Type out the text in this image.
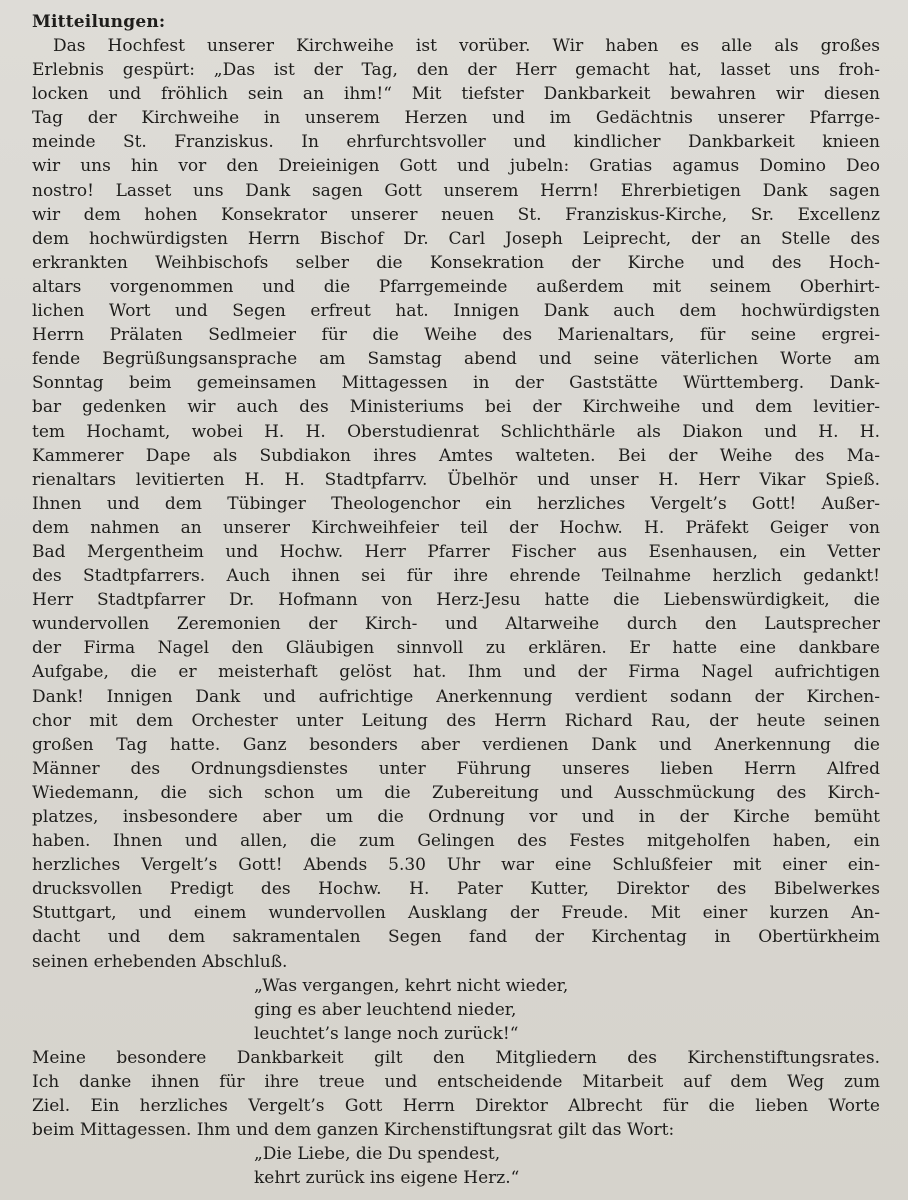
Mitteilungen:
Das Hochfest unserer Kirchweihe ist vorüber. Wir haben es alle als großes
Erlebnis gespürt: „Das ist der Tag, den der Herr gemacht hat, lasset uns froh-
locken und fröhlich sein an ihm!“ Mit tiefster Dankbarkeit bewahren wir diesen
Tag der Kirchweihe in unserem Herzen und im Gedächtnis unserer Pfarrge-
meinde St. Franziskus. In ehrfurchtsvoller und kindlicher Dankbarkeit knieen
wir uns hin vor den Dreieinigen Gott und jubeln: Gratias agamus Domino Deo
nostro! Lasset uns Dank sagen Gott unserem Herrn! Ehrerbietigen Dank sagen
wir dem hohen Konsekrator unserer neuen St. Franziskus-Kirche, Sr. Excellenz
dem hochwürdigsten Herrn Bischof Dr. Carl Joseph Leiprecht, der an Stelle des
erkrankten Weihbischofs selber die Konsekration der Kirche und des Hoch-
altars vorgenommen und die Pfarrgemeinde außerdem mit seinem Oberhirt-
lichen Wort und Segen erfreut hat. Innigen Dank auch dem hochwürdigsten
Herrn Prälaten Sedlmeier für die Weihe des Marienaltars, für seine ergrei-
fende Begrüßungsansprache am Samstag abend und seine väterlichen Worte am
Sonntag beim gemeinsamen Mittagessen in der Gaststätte Württemberg. Dank-
bar gedenken wir auch des Ministeriums bei der Kirchweihe und dem levitier-
tem Hochamt, wobei H. H. Oberstudienrat Schlichthärle als Diakon und H. H.
Kammerer Dape als Subdiakon ihres Amtes walteten. Bei der Weihe des Ma-
rienaltars levitierten H. H. Stadtpfarrv. Übelhör und unser H. Herr Vikar Spieß.
Ihnen und dem Tübinger Theologenchor ein herzliches Vergelt’s Gott! Außer-
dem nahmen an unserer Kirchweihfeier teil der Hochw. H. Präfekt Geiger von
Bad Mergentheim und Hochw. Herr Pfarrer Fischer aus Esenhausen, ein Vetter
des Stadtpfarrers. Auch ihnen sei für ihre ehrende Teilnahme herzlich gedankt!
Herr Stadtpfarrer Dr. Hofmann von Herz-Jesu hatte die Liebenswürdigkeit, die
wundervollen Zeremonien der Kirch- und Altarweihe durch den Lautsprecher
der Firma Nagel den Gläubigen sinnvoll zu erklären. Er hatte eine dankbare
Aufgabe, die er meisterhaft gelöst hat. Ihm und der Firma Nagel aufrichtigen
Dank! Innigen Dank und aufrichtige Anerkennung verdient sodann der Kirchen-
chor mit dem Orchester unter Leitung des Herrn Richard Rau, der heute seinen
großen Tag hatte. Ganz besonders aber verdienen Dank und Anerkennung die
Männer des Ordnungsdienstes unter Führung unseres lieben Herrn Alfred
Wiedemann, die sich schon um die Zubereitung und Ausschmückung des Kirch-
platzes, insbesondere aber um die Ordnung vor und in der Kirche bemüht
haben. Ihnen und allen, die zum Gelingen des Festes mitgeholfen haben, ein
herzliches Vergelt’s Gott! Abends 5.30 Uhr war eine Schlußfeier mit einer ein-
drucksvollen Predigt des Hochw. H. Pater Kutter, Direktor des Bibelwerkes
Stuttgart, und einem wundervollen Ausklang der Freude. Mit einer kurzen An-
dacht und dem sakramentalen Segen fand der Kirchentag in Obertürkheim
seinen erhebenden Abschluß.
„Was vergangen, kehrt nicht wieder,
ging es aber leuchtend nieder,
leuchtet’s lange noch zurück!“
Meine besondere Dankbarkeit gilt den Mitgliedern des Kirchenstiftungsrates.
Ich danke ihnen für ihre treue und entscheidende Mitarbeit auf dem Weg zum
Ziel. Ein herzliches Vergelt’s Gott Herrn Direktor Albrecht für die lieben Worte
beim Mittagessen. Ihm und dem ganzen Kirchenstiftungsrat gilt das Wort:
„Die Liebe, die Du spendest,
kehrt zurück ins eigene Herz.“
